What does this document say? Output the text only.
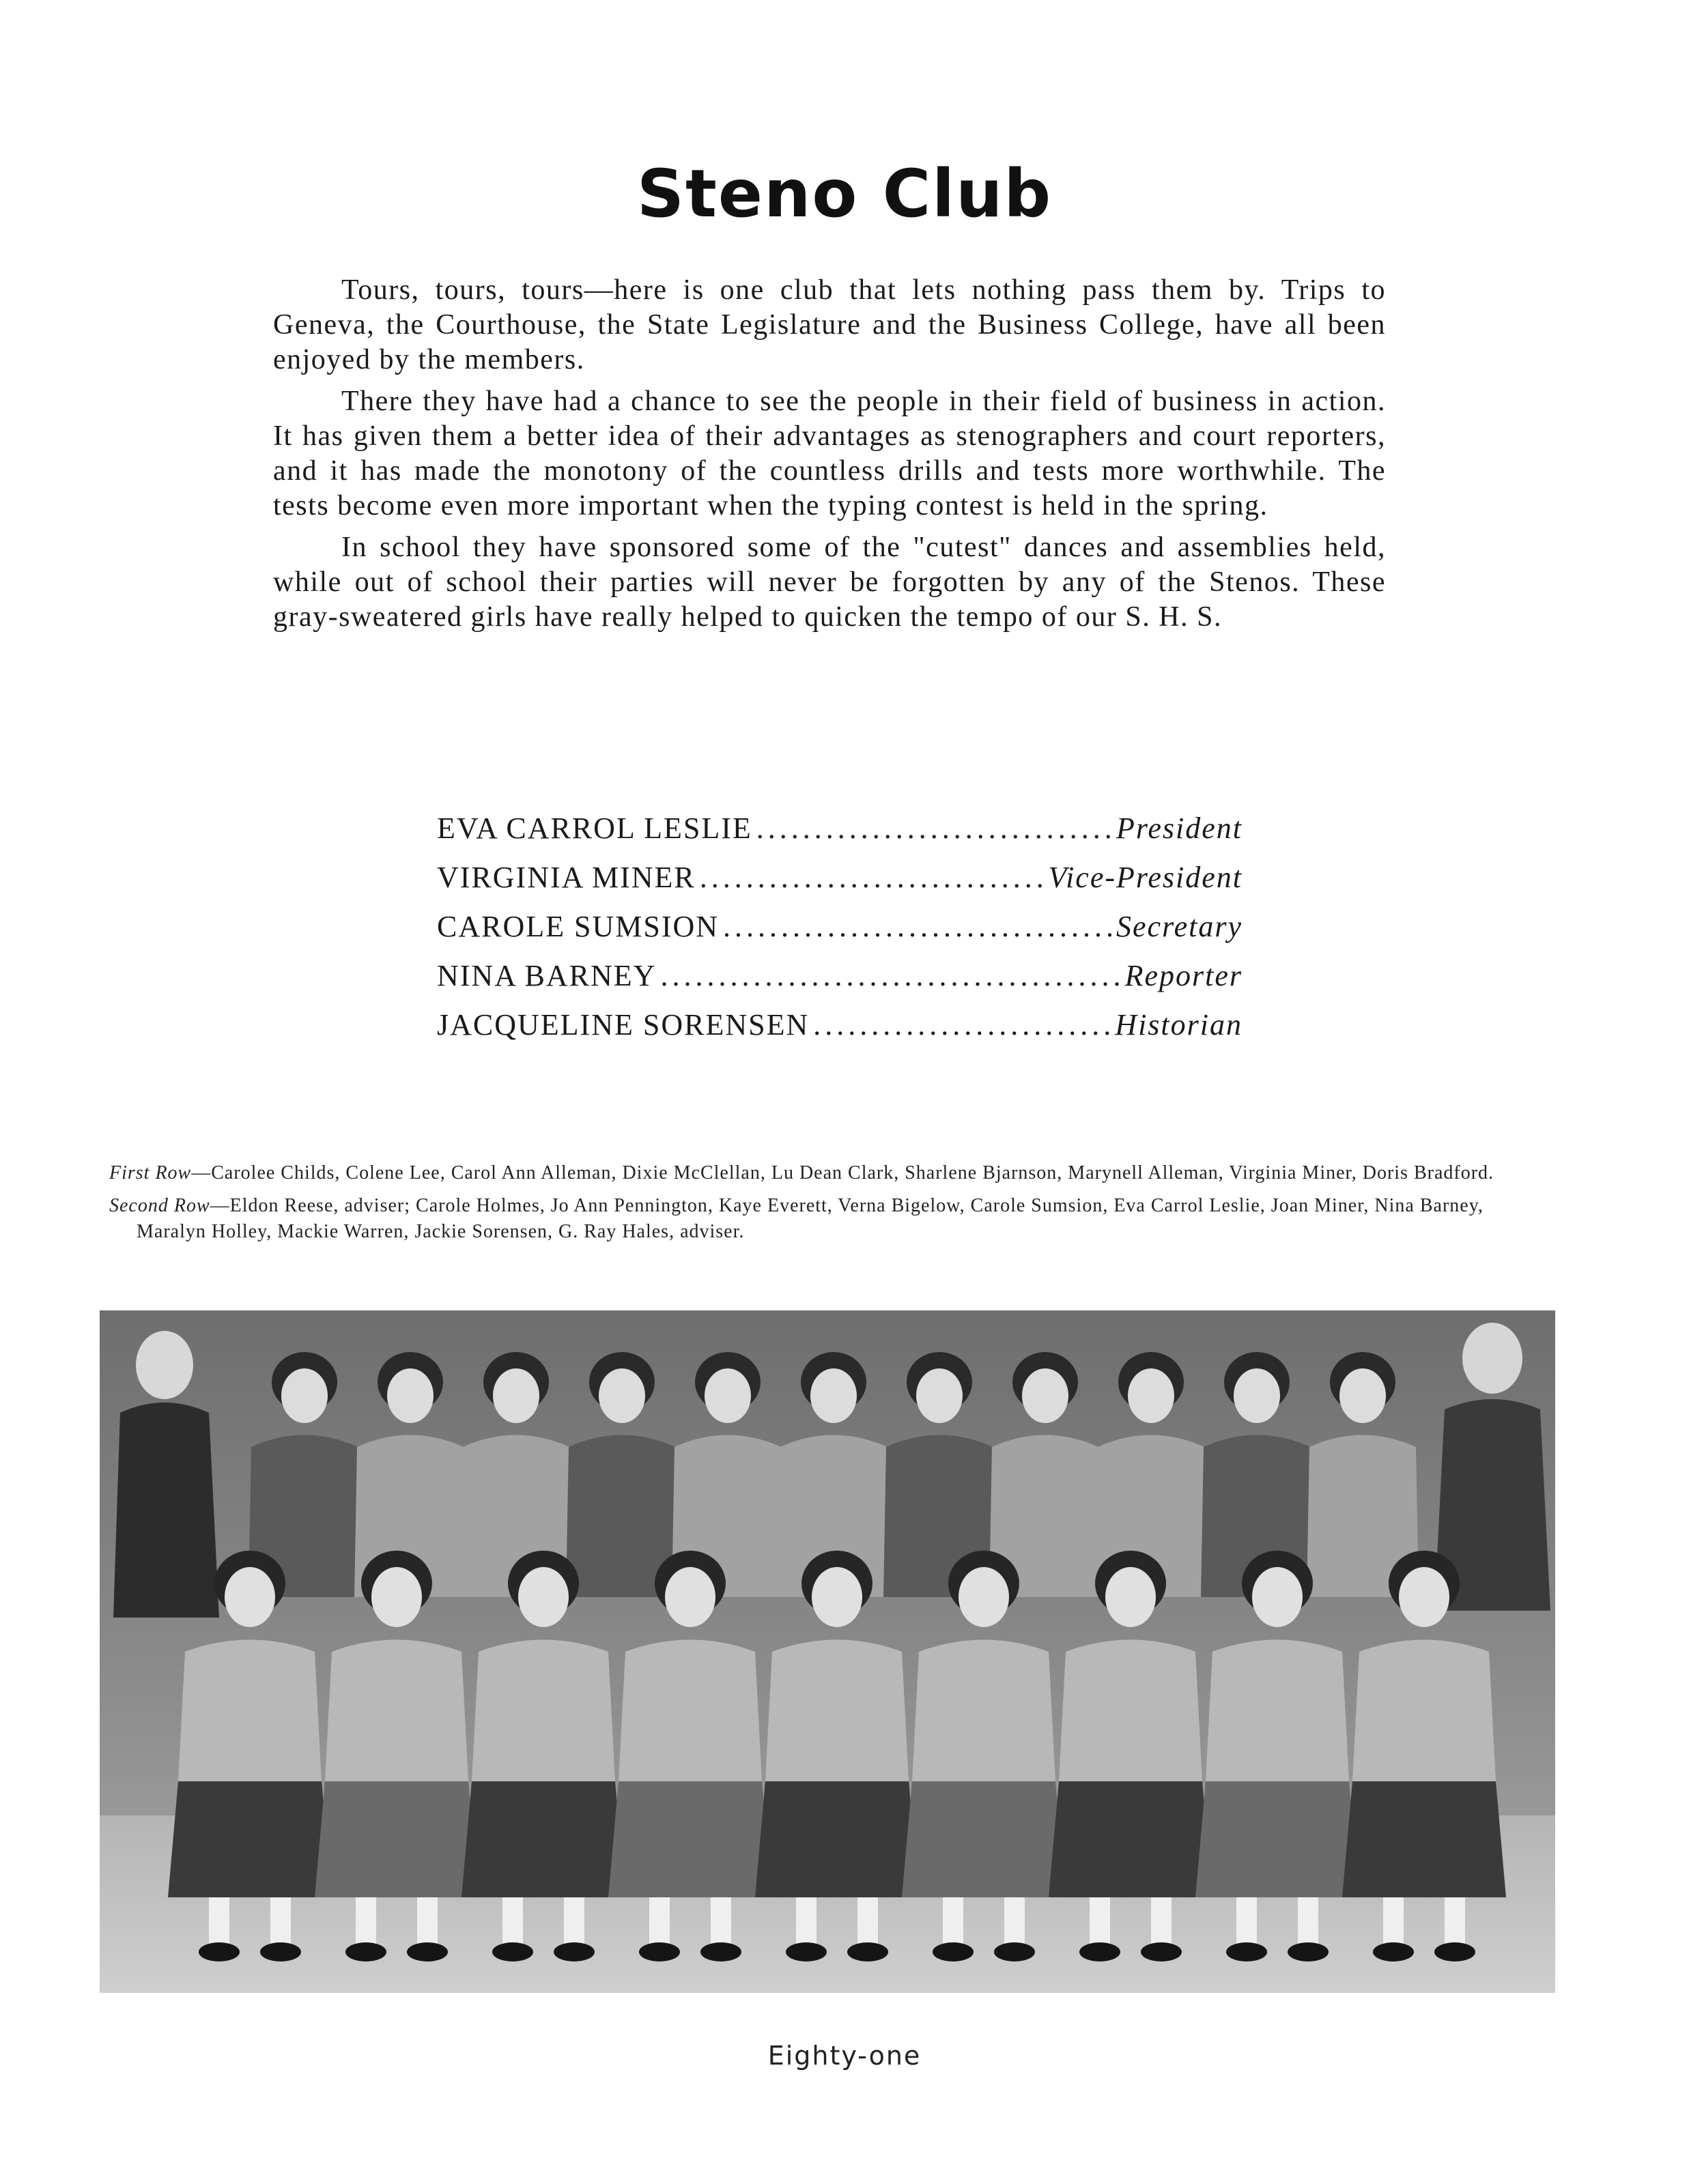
Steno Club

Tours, tours, tours—here is one club that lets nothing pass them by. Trips to Geneva, the Courthouse, the State Legislature and the Business College, have all been enjoyed by the members.

There they have had a chance to see the people in their field of business in action. It has given them a better idea of their advantages as stenographers and court reporters, and it has made the monotony of the countless drills and tests more worthwhile. The tests become even more important when the typing contest is held in the spring.

In school they have sponsored some of the "cutest" dances and assemblies held, while out of school their parties will never be forgotten by any of the Stenos. These gray-sweatered girls have really helped to quicken the tempo of our S. H. S.

EVA CARROL LESLIE .....	President
VIRGINIA MINER .....	Vice-President
CAROLE SUMSION .....	Secretary
NINA BARNEY .....	Reporter
JACQUELINE SORENSEN .....	Historian

First Row—Carolee Childs, Colene Lee, Carol Ann Alleman, Dixie McClellan, Lu Dean Clark, Sharlene Bjarnson, Marynell Alleman, Virginia Miner, Doris Bradford.

Second Row—Eldon Reese, adviser; Carole Holmes, Jo Ann Pennington, Kaye Everett, Verna Bigelow, Carole Sumsion, Eva Carrol Leslie, Joan Miner, Nina Barney, Maralyn Holley, Mackie Warren, Jackie Sorensen, G. Ray Hales, adviser.

Eighty-one
